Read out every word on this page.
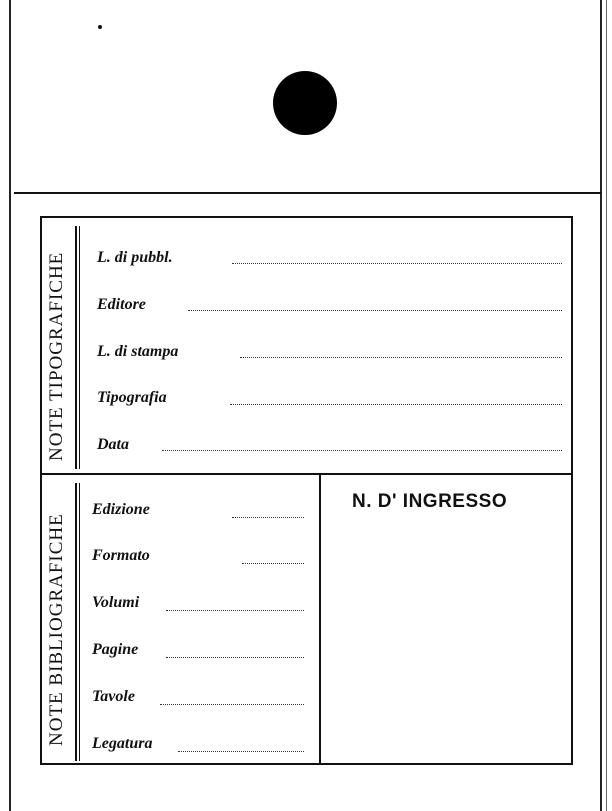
NOTE TIPOGRAFICHE
NOTE BIBLIOGRAFICHE
L. di pubbl.
Editore
L. di stampa
Tipografia
Data
Edizione
Formato
Volumi
Pagine
Tavole
Legatura
N. D' INGRESSO
